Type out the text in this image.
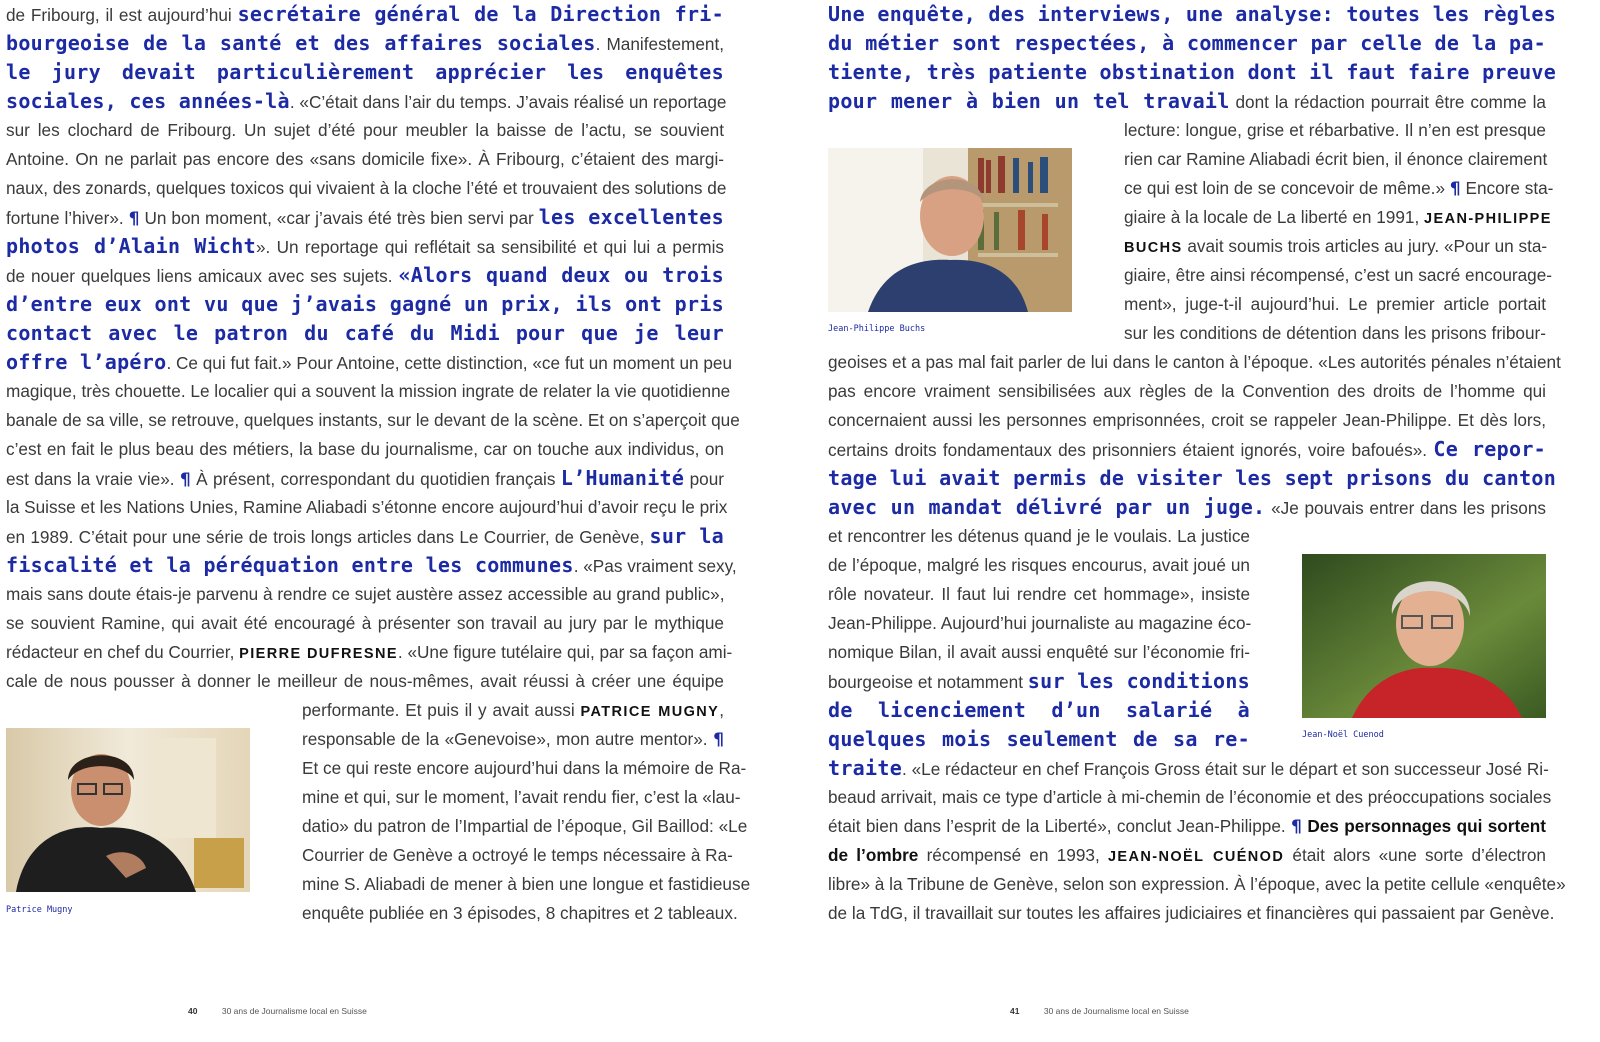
de Fribourg, il est aujourd’hui secrétaire général de la Direction fri-
bourgeoise de la santé et des affaires sociales. Manifestement,
le jury devait particulièrement apprécier les enquêtes
sociales, ces années-là. «C’était dans l’air du temps. J’avais réalisé un reportage
sur les clochard de Fribourg. Un sujet d’été pour meubler la baisse de l’actu, se souvient
Antoine. On ne parlait pas encore des «sans domicile fixe». À Fribourg, c’étaient des margi-
naux, des zonards, quelques toxicos qui vivaient à la cloche l’été et trouvaient des solutions de
fortune l’hiver». ¶ Un bon moment, «car j’avais été très bien servi par les excellentes
photos d’Alain Wicht». Un reportage qui reflétait sa sensibilité et qui lui a permis
de nouer quelques liens amicaux avec ses sujets. «Alors quand deux ou trois
d’entre eux ont vu que j’avais gagné un prix, ils ont pris
contact avec le patron du café du Midi pour que je leur
offre l’apéro. Ce qui fut fait.» Pour Antoine, cette distinction, «ce fut un moment un peu
magique, très chouette. Le localier qui a souvent la mission ingrate de relater la vie quotidienne
banale de sa ville, se retrouve, quelques instants, sur le devant de la scène. Et on s’aperçoit que
c’est en fait le plus beau des métiers, la base du journalisme, car on touche aux individus, on
est dans la vraie vie». ¶ À présent, correspondant du quotidien français L’Humanité pour
la Suisse et les Nations Unies, Ramine Aliabadi s’étonne encore aujourd’hui d’avoir reçu le prix
en 1989. C’était pour une série de trois longs articles dans Le Courrier, de Genève, sur la
fiscalité et la péréquation entre les communes. «Pas vraiment sexy,
mais sans doute étais-je parvenu à rendre ce sujet austère assez accessible au grand public»,
se souvient Ramine, qui avait été encouragé à présenter son travail au jury par le mythique
rédacteur en chef du Courrier, PIERRE DUFRESNE. «Une figure tutélaire qui, par sa façon ami-
cale de nous pousser à donner le meilleur de nous-mêmes, avait réussi à créer une équipe
performante. Et puis il y avait aussi PATRICE MUGNY,
responsable de la «Genevoise», mon autre mentor». ¶
Et ce qui reste encore aujourd’hui dans la mémoire de Ra-
mine et qui, sur le moment, l’avait rendu fier, c’est la «lau-
datio» du patron de l’Impartial de l’époque, Gil Baillod: «Le
Courrier de Genève a octroyé le temps nécessaire à Ra-
mine S. Aliabadi de mener à bien une longue et fastidieuse
enquête publiée en 3 épisodes, 8 chapitres et 2 tableaux.
Patrice Mugny
40	30 ans de Journalisme local en Suisse
Une enquête, des interviews, une analyse: toutes les règles
du métier sont respectées, à commencer par celle de la pa-
tiente, très patiente obstination dont il faut faire preuve
pour mener à bien un tel travail dont la rédaction pourrait être comme la
lecture: longue, grise et rébarbative. Il n’en est presque
rien car Ramine Aliabadi écrit bien, il énonce clairement
ce qui est loin de se concevoir de même.» ¶ Encore sta-
giaire à la locale de La liberté en 1991, JEAN-PHILIPPE
BUCHS avait soumis trois articles au jury. «Pour un sta-
giaire, être ainsi récompensé, c’est un sacré encourage-
ment», juge-t-il aujourd’hui. Le premier article portait
sur les conditions de détention dans les prisons fribour-
geoises et a pas mal fait parler de lui dans le canton à l’époque. «Les autorités pénales n’étaient
pas encore vraiment sensibilisées aux règles de la Convention des droits de l’homme qui
concernaient aussi les personnes emprisonnées, croit se rappeler Jean-Philippe. Et dès lors,
certains droits fondamentaux des prisonniers étaient ignorés, voire bafoués». Ce repor-
tage lui avait permis de visiter les sept prisons du canton
avec un mandat délivré par un juge. «Je pouvais entrer dans les prisons
et rencontrer les détenus quand je le voulais. La justice
de l’époque, malgré les risques encourus, avait joué un
rôle novateur. Il faut lui rendre cet hommage», insiste
Jean-Philippe. Aujourd’hui journaliste au magazine éco-
nomique Bilan, il avait aussi enquêté sur l’économie fri-
bourgeoise et notamment sur les conditions
de licenciement d’un salarié à
quelques mois seulement de sa re-
traite. «Le rédacteur en chef François Gross était sur le départ et son successeur José Ri-
beaud arrivait, mais ce type d’article à mi-chemin de l’économie et des préoccupations sociales
était bien dans l’esprit de la Liberté», conclut Jean-Philippe. ¶ Des personnages qui sortent
de l’ombre récompensé en 1993, JEAN-NOËL CUÉNOD était alors «une sorte d’électron
libre» à la Tribune de Genève, selon son expression. À l’époque, avec la petite cellule «enquête»
de la TdG, il travaillait sur toutes les affaires judiciaires et financières qui passaient par Genève.
Jean-Philippe Buchs
Jean-Noël Cuenod
41	30 ans de Journalisme local en Suisse
